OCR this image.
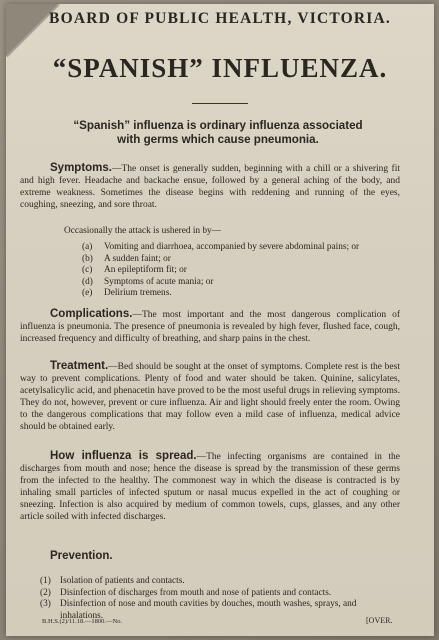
BOARD OF PUBLIC HEALTH, VICTORIA.
“SPANISH” INFLUENZA.
“Spanish” influenza is ordinary influenza associated with germs which cause pneumonia.
Symptoms.—The onset is generally sudden, beginning with a chill or a shivering fit and high fever. Headache and backache ensue, followed by a general aching of the body, and extreme weakness. Sometimes the disease begins with reddening and running of the eyes, coughing, sneezing, and sore throat.
Occasionally the attack is ushered in by—
(a) Vomiting and diarrhoea, accompanied by severe abdominal pains; or
(b) A sudden faint; or
(c) An epileptiform fit; or
(d) Symptoms of acute mania; or
(e) Delirium tremens.
Complications.—The most important and the most dangerous complication of influenza is pneumonia. The presence of pneumonia is revealed by high fever, flushed face, cough, increased frequency and difficulty of breathing, and sharp pains in the chest.
Treatment.—Bed should be sought at the onset of symptoms. Complete rest is the best way to prevent complications. Plenty of food and water should be taken. Quinine, salicylates, acetylsalicylic acid, and phenacetin have proved to be the most useful drugs in relieving symptoms. They do not, however, prevent or cure influenza. Air and light should freely enter the room. Owing to the dangerous complications that may follow even a mild case of influenza, medical advice should be obtained early.
How influenza is spread.—The infecting organisms are contained in the discharges from mouth and nose; hence the disease is spread by the transmission of these germs from the infected to the healthy. The commonest way in which the disease is contracted is by inhaling small particles of infected sputum or nasal mucus expelled in the act of coughing or sneezing. Infection is also acquired by medium of common towels, cups, glasses, and any other article soiled with infected discharges.
Prevention.
(1) Isolation of patients and contacts.
(2) Disinfection of discharges from mouth and nose of patients and contacts.
(3) Disinfection of nose and mouth cavities by douches, mouth washes, sprays, and inhalations.
B.H.S.(2)/11.18.—1800.—No.	[OVER.
